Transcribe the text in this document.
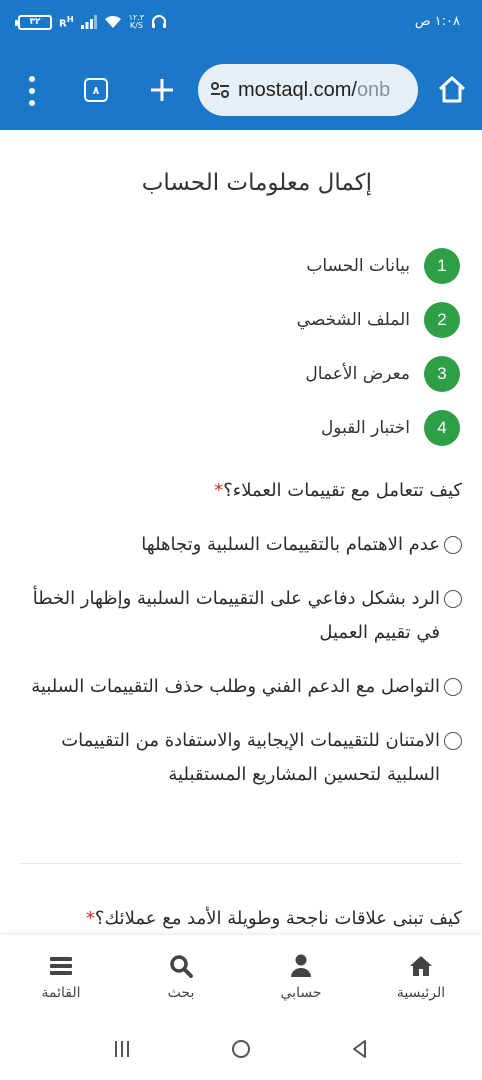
١:٠٨ ص
٣٢ $R^H$	١٢.٣
K/S
mostaql.com/onb
٨
إكمال معلومات الحساب
1
بيانات الحساب
2
الملف الشخصي
3
معرض الأعمال
4
اختبار القبول
كيف تتعامل مع تقييمات العملاء؟*
عدم الاهتمام بالتقييمات السلبية وتجاهلها
الرد بشكل دفاعي على التقييمات السلبية وإظهار الخطأ في تقييم العميل
التواصل مع الدعم الفني وطلب حذف التقييمات السلبية
الامتنان للتقييمات الإيجابية والاستفادة من التقييمات السلبية لتحسين المشاريع المستقبلية
كيف تبنى علاقات ناجحة وطويلة الأمد مع عملائك؟*
الرئيسية
حسابي
بحث
القائمة
